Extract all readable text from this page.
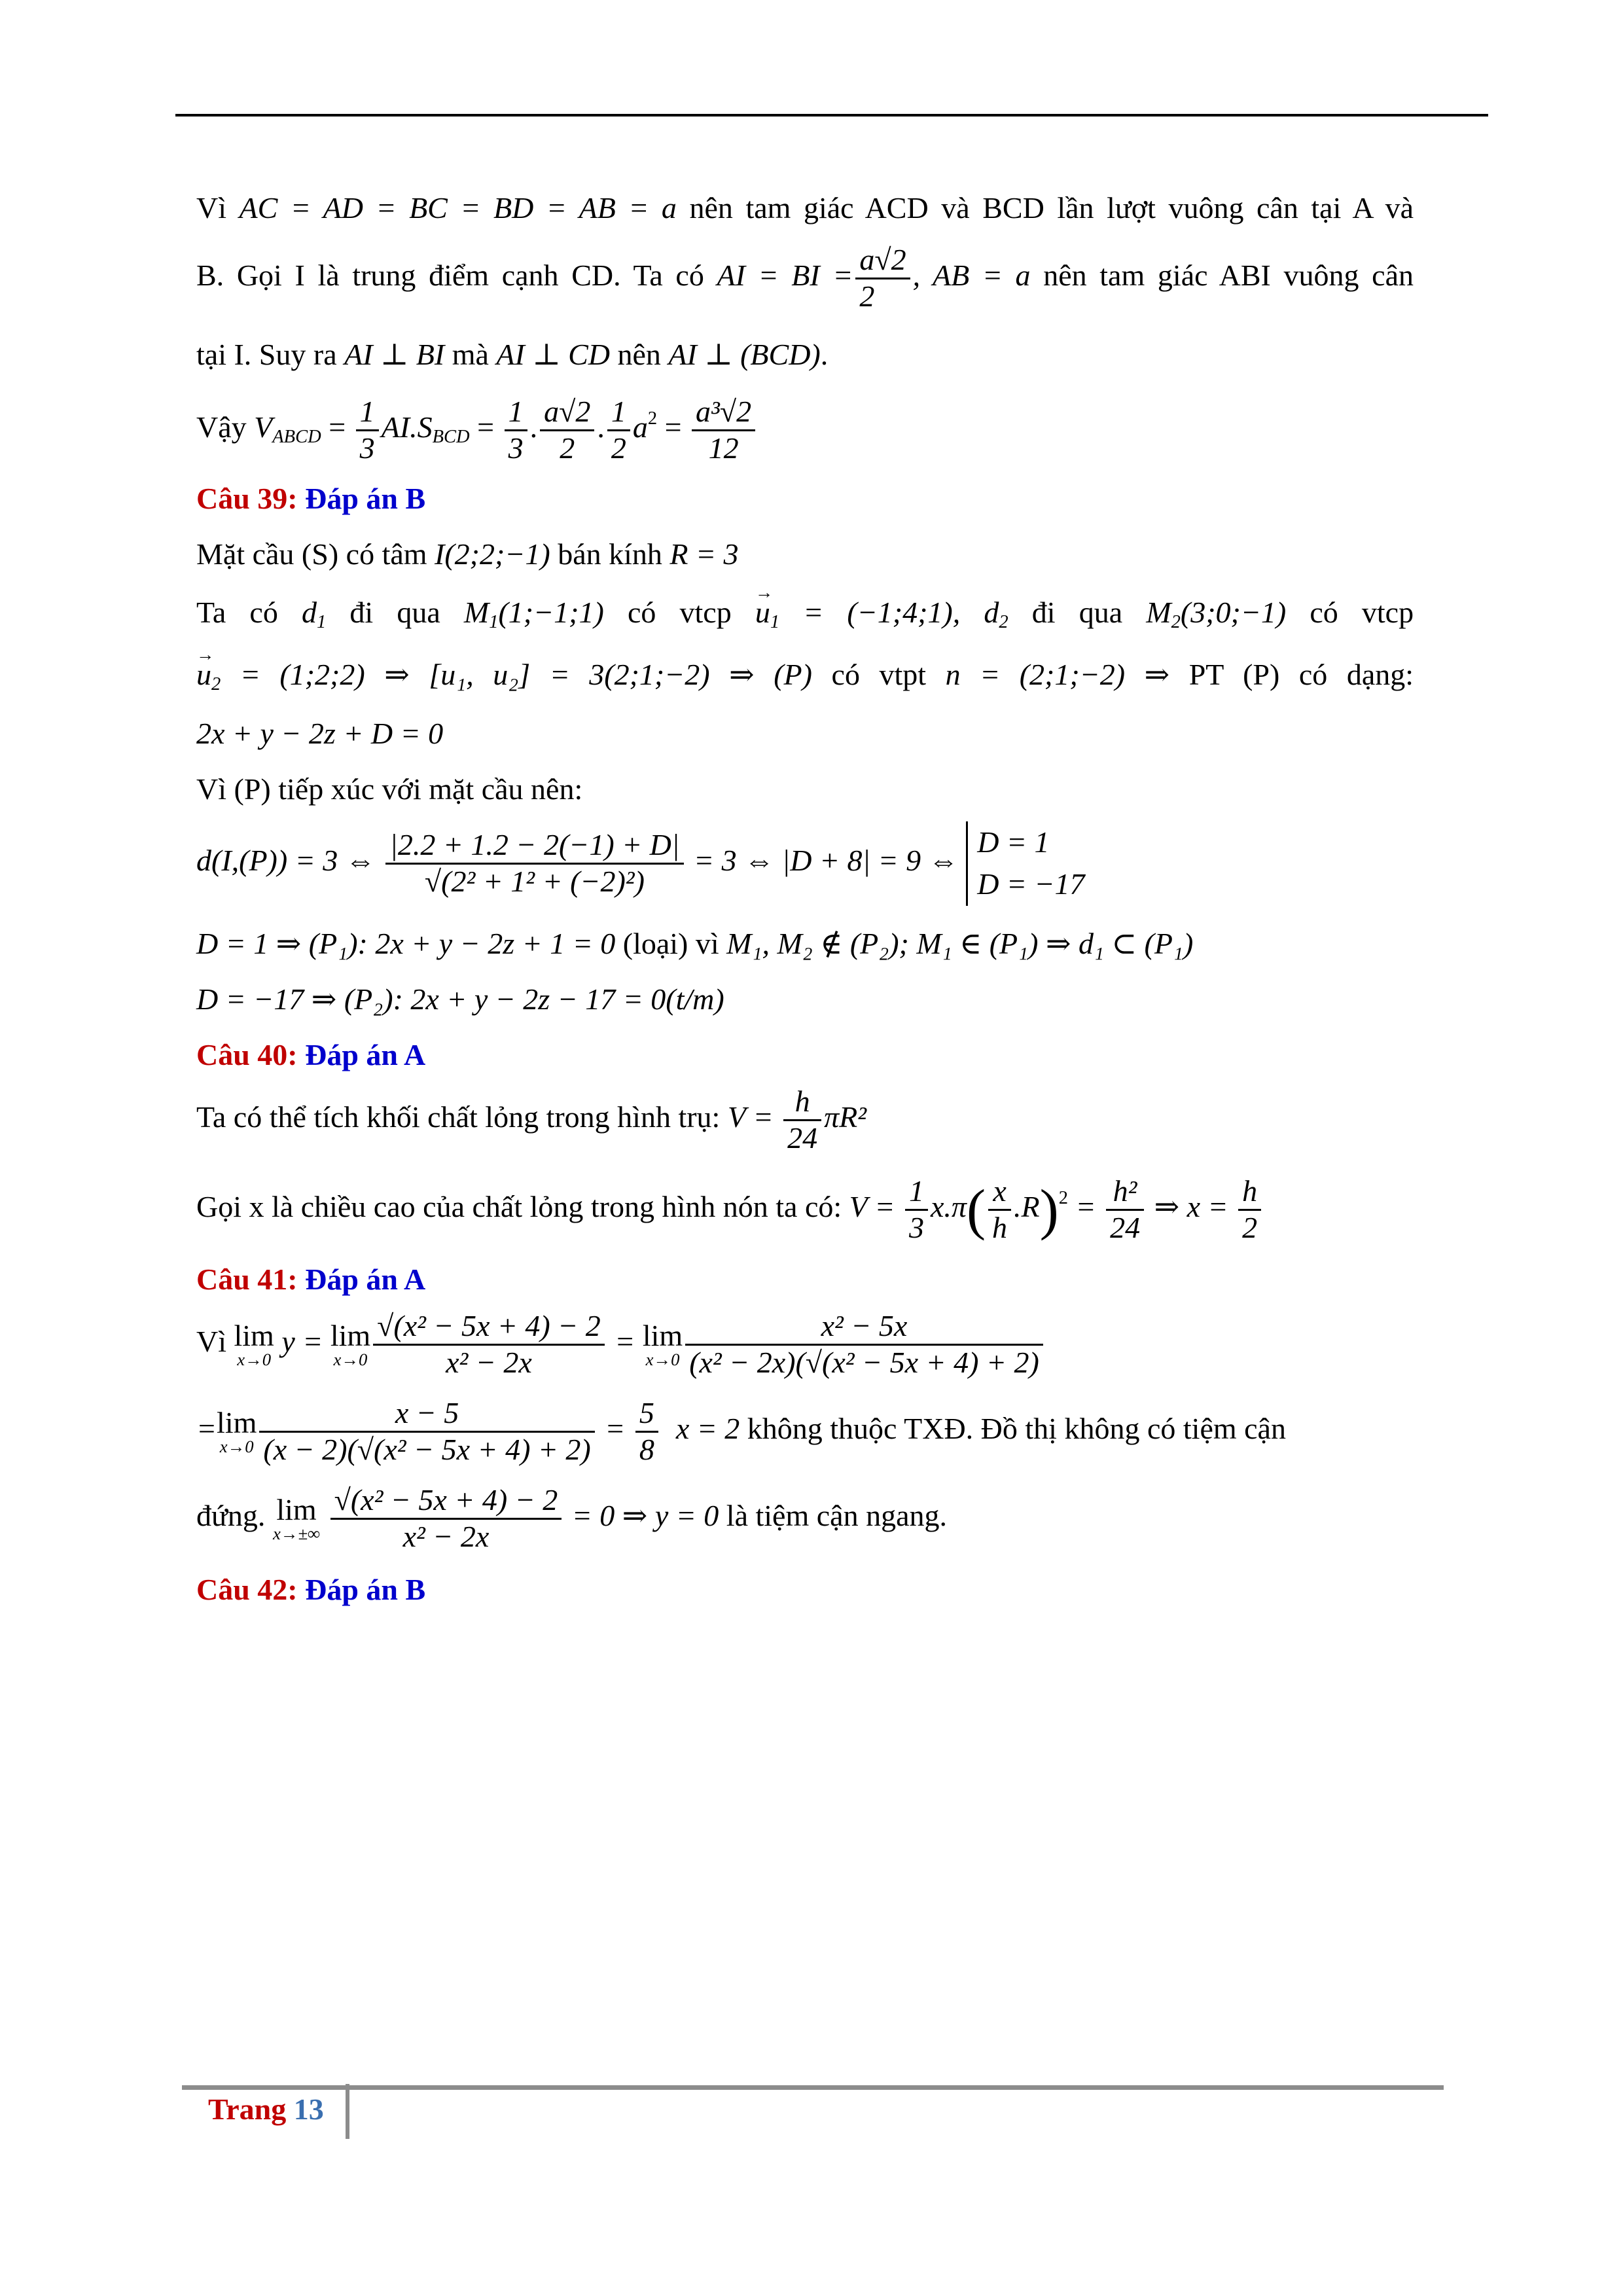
Vì AC = AD = BC = BD = AB = a nên tam giác ACD và BCD lần lượt vuông cân tại A và

B. Gọi I là trung điểm cạnh CD. Ta có AI = BI = $\frac{a√2}{2}$ , AB = a nên tam giác ABI vuông cân

tại I. Suy ra AI ⊥ BI mà AI ⊥ CD nên AI ⊥ (BCD).

Vậy $V_{ABCD} = \frac{1}{3} AI.S_{BCD} = \frac{1}{3}$ . $\frac{a√2}{2}$ . $\frac{1}{2} a^2 = \frac{\text{a³√2}}{12}$

Câu 39: Đáp án B

Mặt cầu (S) có tâm I(2;2;−1) bán kính R = 3

Ta có $d_1$ đi qua $M_1(1;-1;1)$ có vtcp → $u_1$ = (−1;4;1), $d_2$ đi qua $M_2(3;0;-1)$ có vtcp

→ $u_2$ = (1;2;2) ⇒ [u₁, u₂] = 3(2;1;−2) ⇒ (P) có vtpt n = (2;1;−2) ⇒ PT (P) có dạng:

2x + y − 2z + D = 0

Vì (P) tiếp xúc với mặt cầu nên:

d(I,(P)) = 3 ⇔ $\frac{|2.2 + 1.2 - 2(-1) + D|}{\text{√(2² + 1² + (−2)²)}} = 3$ ⇔ |D + 8| = 9 ⇔
D = 1
D = −17

D = 1 ⇒ (P₁): 2x + y − 2z + 1 = 0 (loại) vì M₁, M₂ ∉ (P₂); M₁ ∈ (P₁) ⇒ d₁ ⊂ (P₁)

D = −17 ⇒ (P₂): 2x + y − 2z − 17 = 0(t/m)

Câu 40: Đáp án A

Ta có thể tích khối chất lỏng trong hình trụ: $V = \frac{h}{24} \pi R^2$

Gọi x là chiều cao của chất lỏng trong hình nón ta có: $V = \frac{1}{3} x.\pi( \frac{x}{h} .R)^2 = \frac{\text{h²}}{24}$ ⇒ $x = \frac{h}{2}$

Câu 41: Đáp án A

Vì lim
x→0
y = lim
$x\to 0 \frac{\text{√(x² − 5x + 4) − 2}}{\text{x² − 2x}} = \lim$
$x\to 0 \frac{\text{x² − 5x}}{\text{(x² − 2x)(√(x² − 5x + 4) + 2)}}$

=lim
$x\to 0 \frac{x - 5}{\text{(x − 2)(√(x² − 5x + 4) + 2)}} = \frac{5}{8}$ x = 2 không thuộc TXĐ. Đồ thị không có tiệm cận

đứng. lim
x→±∞
$\frac{\text{√(x² − 5x + 4) − 2}}{\text{x² − 2x}} = 0$ ⇒ y = 0 là tiệm cận ngang.

Câu 42: Đáp án B

Trang 13
